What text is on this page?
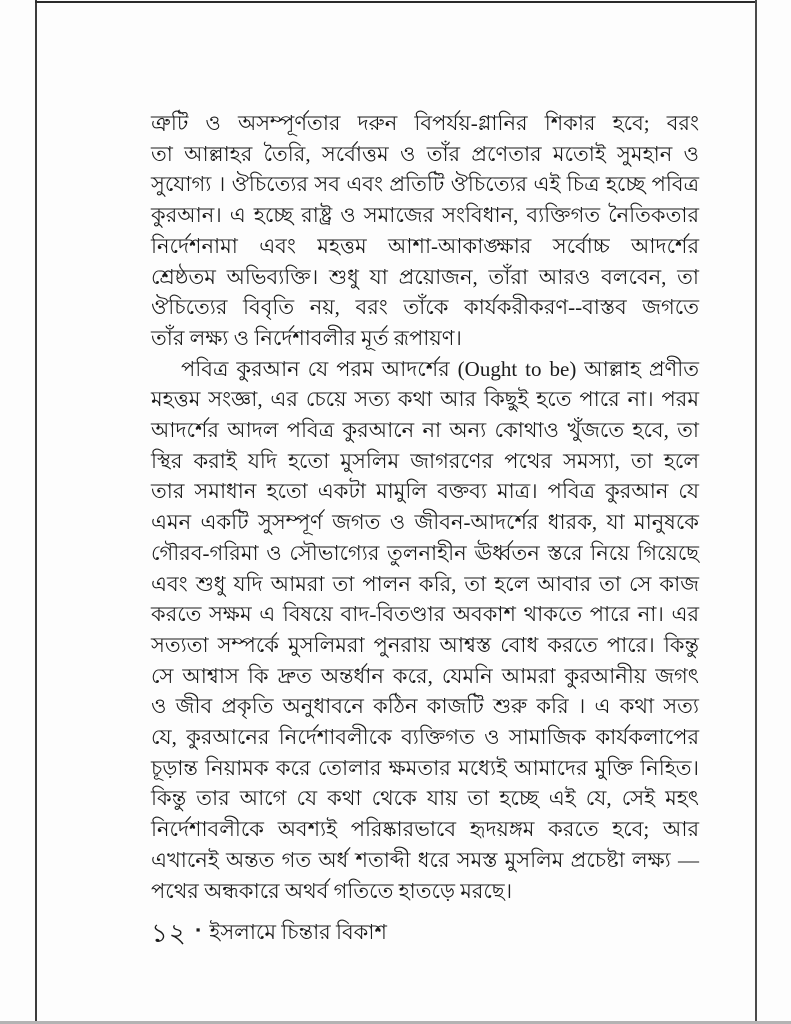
ত্রুটি ও অসম্পূর্ণতার দরুন বিপর্যয়-গ্লানির শিকার হবে; বরং
তা আল্লাহর তৈরি, সর্বোত্তম ও তাঁর প্রণেতার মতোই সুমহান ও
সুযোগ্য । ঔচিত্যের সব এবং প্রতিটি ঔচিত্যের এই চিত্র হচ্ছে পবিত্র
কুরআন। এ হচ্ছে রাষ্ট্র ও সমাজের সংবিধান, ব্যক্তিগত নৈতিকতার
নির্দেশনামা এবং মহত্তম আশা-আকাঙ্ক্ষার সর্বোচ্চ আদর্শের
শ্রেষ্ঠতম অভিব্যক্তি। শুধু যা প্রয়োজন, তাঁরা আরও বলবেন, তা
ঔচিত্যের বিবৃতি নয়, বরং তাঁকে কার্যকরীকরণ--বাস্তব জগতে
তাঁর লক্ষ্য ও নির্দেশাবলীর মূর্ত রূপায়ণ।
পবিত্র কুরআন যে পরম আদর্শের (Ought to be) আল্লাহ প্রণীত
মহত্তম সংজ্ঞা, এর চেয়ে সত্য কথা আর কিছুই হতে পারে না। পরম
আদর্শের আদল পবিত্র কুরআনে না অন্য কোথাও খুঁজতে হবে, তা
স্থির করাই যদি হতো মুসলিম জাগরণের পথের সমস্যা, তা হলে
তার সমাধান হতো একটা মামুলি বক্তব্য মাত্র। পবিত্র কুরআন যে
এমন একটি সুসম্পূর্ণ জগত ও জীবন-আদর্শের ধারক, যা মানুষকে
গৌরব-গরিমা ও সৌভাগ্যের তুলনাহীন ঊর্ধ্বতন স্তরে নিয়ে গিয়েছে
এবং শুধু যদি আমরা তা পালন করি, তা হলে আবার তা সে কাজ
করতে সক্ষম এ বিষয়ে বাদ-বিতণ্ডার অবকাশ থাকতে পারে না। এর
সত্যতা সম্পর্কে মুসলিমরা পুনরায় আশ্বস্ত বোধ করতে পারে। কিন্তু
সে আশ্বাস কি দ্রুত অন্তর্ধান করে, যেমনি আমরা কুরআনীয় জগৎ
ও জীব প্রকৃতি অনুধাবনে কঠিন কাজটি শুরু করি । এ কথা সত্য
যে, কুরআনের নির্দেশাবলীকে ব্যক্তিগত ও সামাজিক কার্যকলাপের
চূড়ান্ত নিয়ামক করে তোলার ক্ষমতার মধ্যেই আমাদের মুক্তি নিহিত।
কিন্তু তার আগে যে কথা থেকে যায় তা হচ্ছে এই যে, সেই মহৎ
নির্দেশাবলীকে অবশ্যই পরিষ্কারভাবে হৃদয়ঙ্গম করতে হবে; আর
এখানেই অন্তত গত অর্ধ শতাব্দী ধরে সমস্ত মুসলিম প্রচেষ্টা লক্ষ্য —
পথের অন্ধকারে অথর্ব গতিতে হাতড়ে মরছে।
১২ ▪ ইসলামে চিন্তার বিকাশ
